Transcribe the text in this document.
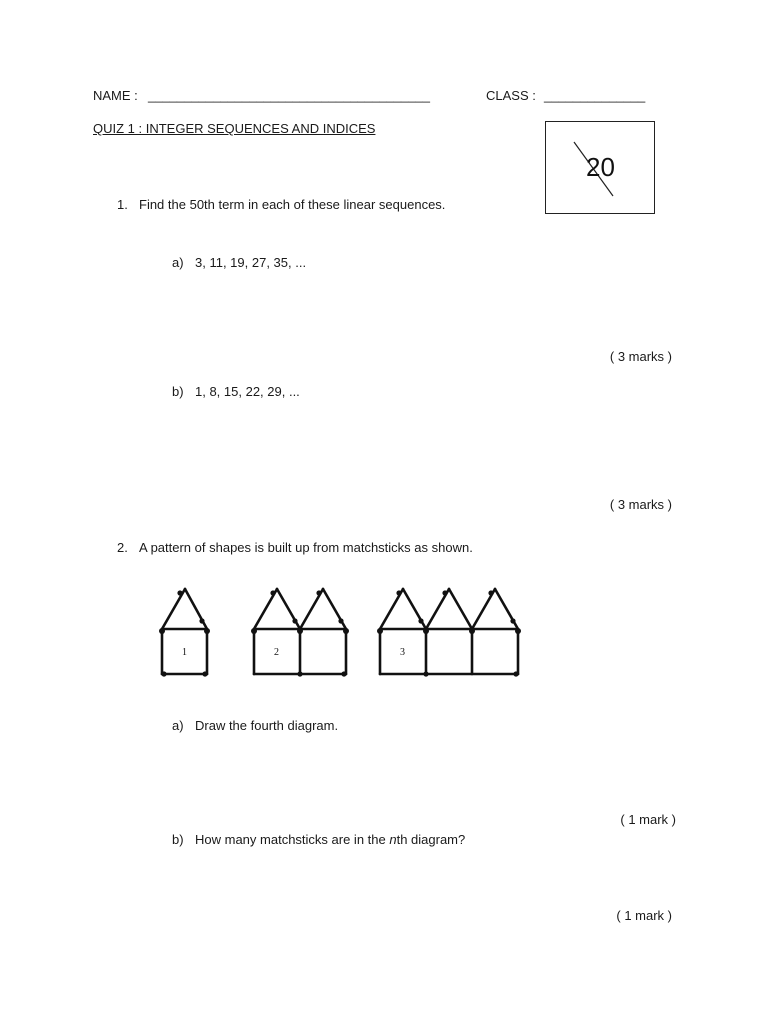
NAME : _______________________________________	CLASS : ______________
QUIZ 1 : INTEGER SEQUENCES AND INDICES
20
1. Find the 50th term in each of these linear sequences.
a) 3, 11, 19, 27, 35, ...
( 3 marks )
b) 1, 8, 15, 22, 29, ...
( 3 marks )
2. A pattern of shapes is built up from matchsticks as shown.
1	2	3
a) Draw the fourth diagram.
( 1 mark )
b) How many matchsticks are in the nth diagram?
( 1 mark )
